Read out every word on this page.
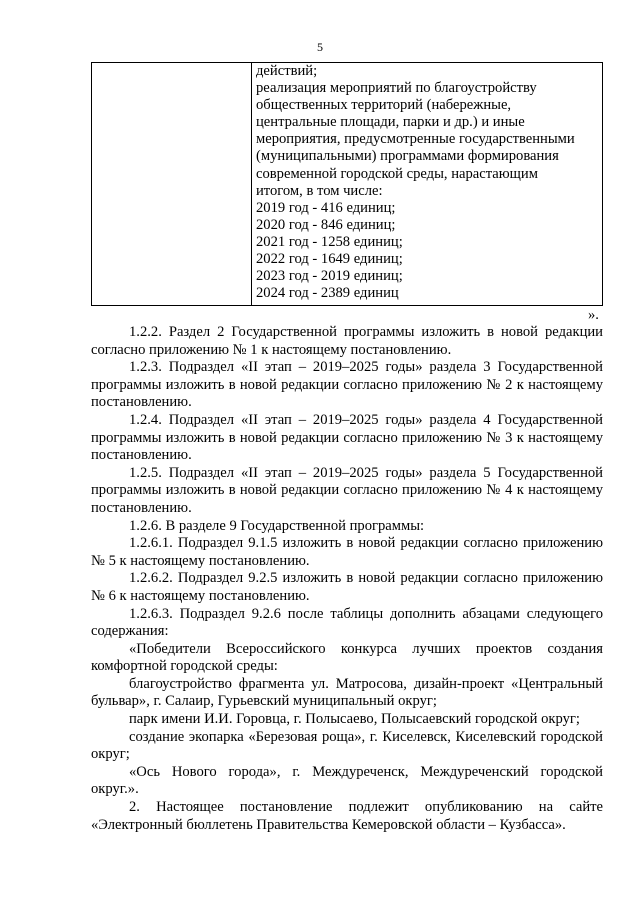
5
действий;
реализация мероприятий по благоустройству
общественных территорий (набережные,
центральные площади, парки и др.) и иные
мероприятия, предусмотренные государственными
(муниципальными) программами формирования
современной городской среды, нарастающим
итогом, в том числе:
2019 год - 416 единиц;
2020 год - 846 единиц;
2021 год - 1258 единиц;
2022 год - 1649 единиц;
2023 год - 2019 единиц;
2024 год - 2389 единиц
».

1.2.2. Раздел 2 Государственной программы изложить в новой редакции согласно приложению № 1 к настоящему постановлению.

1.2.3. Подраздел «II этап – 2019–2025 годы» раздела 3 Государственной программы изложить в новой редакции согласно приложению № 2 к настоящему постановлению.

1.2.4. Подраздел «II этап – 2019–2025 годы» раздела 4 Государственной программы изложить в новой редакции согласно приложению № 3 к настоящему постановлению.

1.2.5. Подраздел «II этап – 2019–2025 годы» раздела 5 Государственной программы изложить в новой редакции согласно приложению № 4 к настоящему постановлению.

1.2.6. В разделе 9 Государственной программы:

1.2.6.1. Подраздел 9.1.5 изложить в новой редакции согласно приложению № 5 к настоящему постановлению.

1.2.6.2. Подраздел 9.2.5 изложить в новой редакции согласно приложению № 6 к настоящему постановлению.

1.2.6.3. Подраздел 9.2.6 после таблицы дополнить абзацами следующего содержания:

«Победители Всероссийского конкурса лучших проектов создания комфортной городской среды:

благоустройство фрагмента ул. Матросова, дизайн-проект «Центральный бульвар», г. Салаир, Гурьевский муниципальный округ;

парк имени И.И. Горовца, г. Полысаево, Полысаевский городской округ;

создание экопарка «Березовая роща», г. Киселевск, Киселевский городской округ;

«Ось Нового города», г. Междуреченск, Междуреченский городской округ.».

2. Настоящее постановление подлежит опубликованию на сайте «Электронный бюллетень Правительства Кемеровской области – Кузбасса».
